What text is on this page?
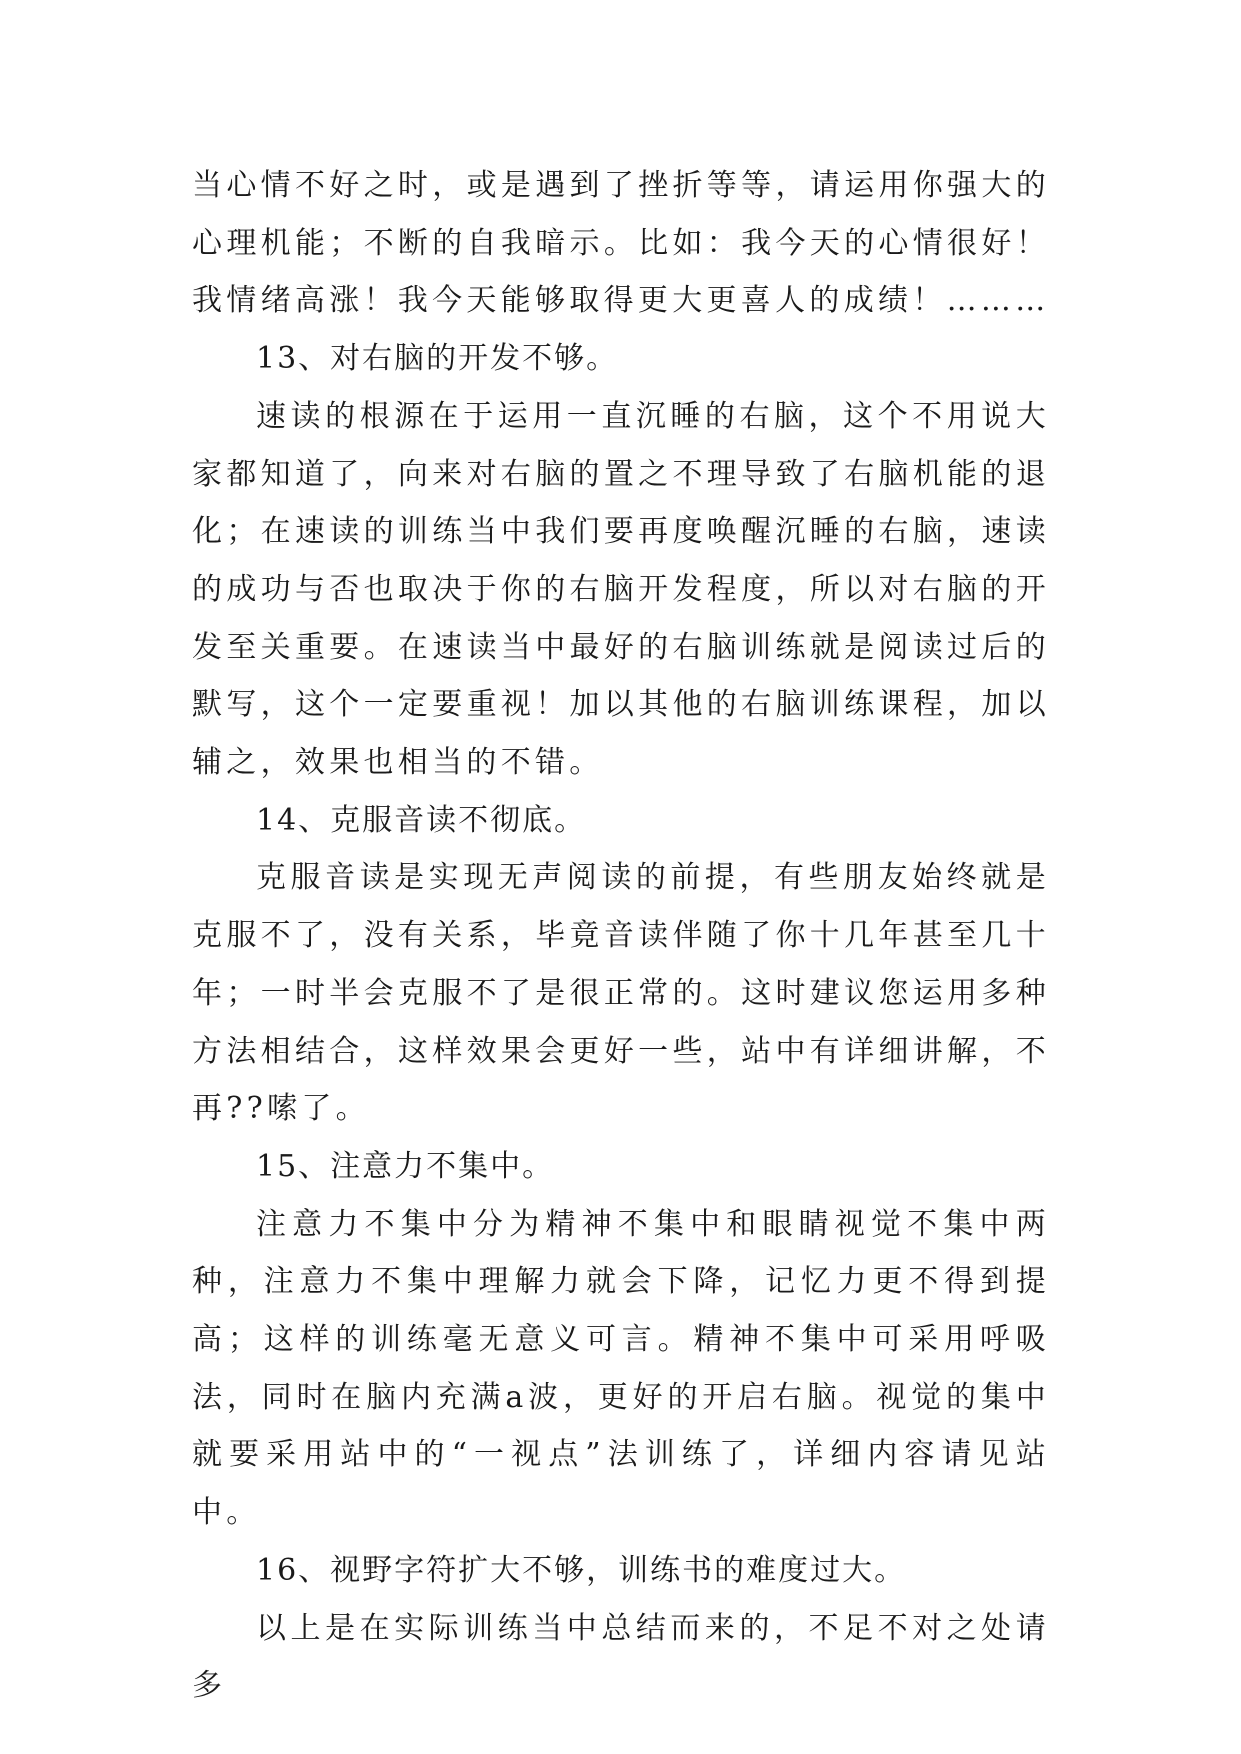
当心情不好之时，或是遇到了挫折等等，请运用你强大的心理机能；不断的自我暗示。比如：我今天的心情很好！我情绪高涨！我今天能够取得更大更喜人的成绩！………

13、对右脑的开发不够。

速读的根源在于运用一直沉睡的右脑，这个不用说大家都知道了，向来对右脑的置之不理导致了右脑机能的退化；在速读的训练当中我们要再度唤醒沉睡的右脑，速读的成功与否也取决于你的右脑开发程度，所以对右脑的开发至关重要。在速读当中最好的右脑训练就是阅读过后的默写，这个一定要重视！加以其他的右脑训练课程，加以辅之，效果也相当的不错。

14、克服音读不彻底。

克服音读是实现无声阅读的前提，有些朋友始终就是克服不了，没有关系，毕竟音读伴随了你十几年甚至几十年；一时半会克服不了是很正常的。这时建议您运用多种方法相结合，这样效果会更好一些，站中有详细讲解，不再??嗦了。

15、注意力不集中。

注意力不集中分为精神不集中和眼睛视觉不集中两种，注意力不集中理解力就会下降，记忆力更不得到提高；这样的训练毫无意义可言。精神不集中可采用呼吸法，同时在脑内充满a波，更好的开启右脑。视觉的集中就要采用站中的“一视点”法训练了，详细内容请见站中。

16、视野字符扩大不够，训练书的难度过大。

以上是在实际训练当中总结而来的，不足不对之处请多
